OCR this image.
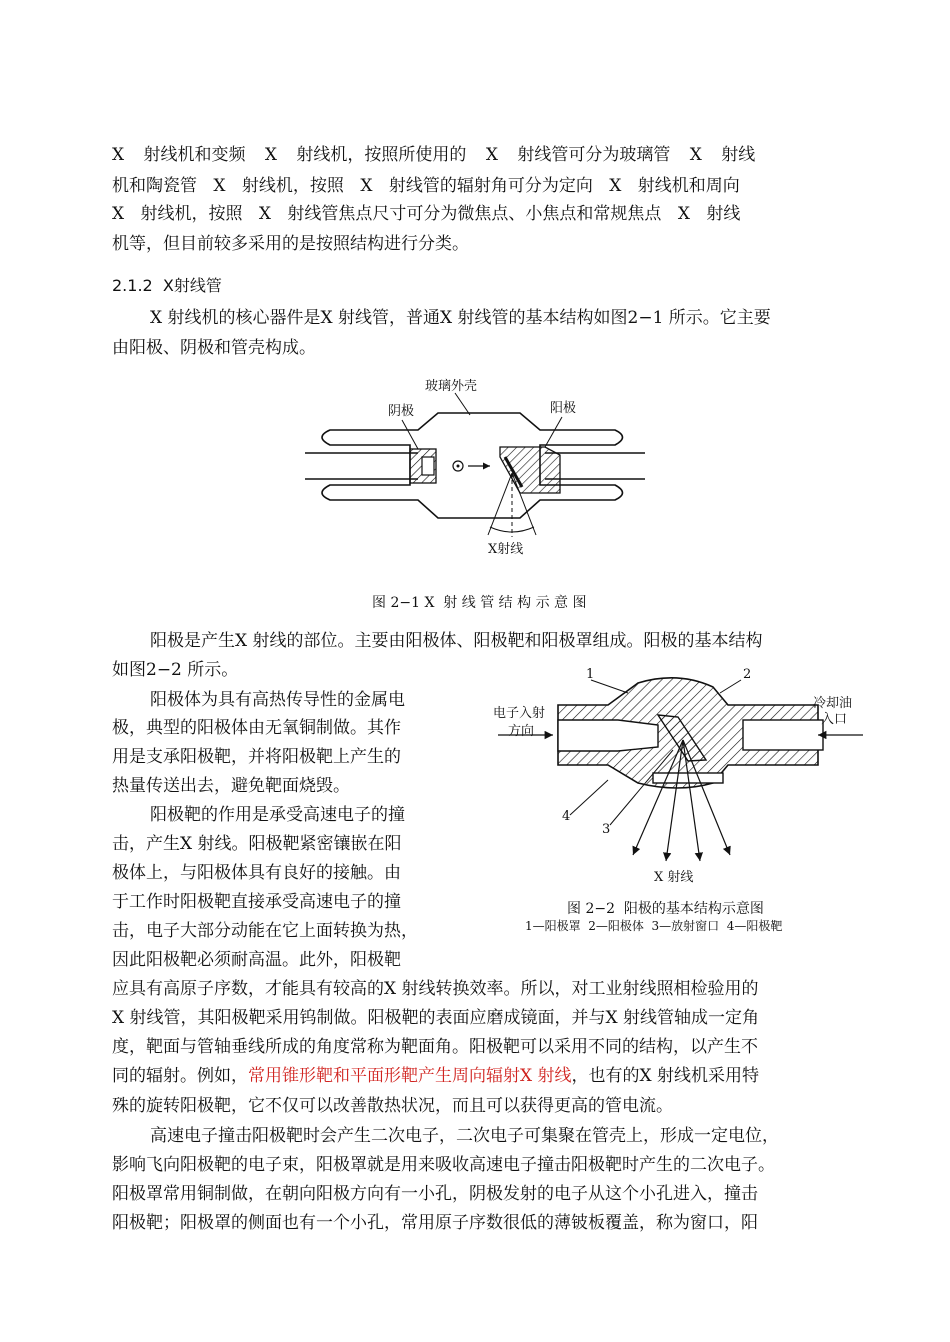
X 射线机和变频 X 射线机，按照所使用的 X 射线管可分为玻璃管 X 射线
机和陶瓷管 X 射线机，按照 X 射线管的辐射角可分为定向 X 射线机和周向
X 射线机，按照 X 射线管焦点尺寸可分为微焦点、小焦点和常规焦点 X 射线
机等，但目前较多采用的是按照结构进行分类。
2.1.2  X射线管
X 射线机的核心器件是X 射线管，普通X 射线管的基本结构如图2−1 所示。它主要
由阳极、阴极和管壳构成。
玻璃外壳
阴极	阳极
X射线
图 2−1 X  射 线 管 结 构 示 意 图
阳极是产生X 射线的部位。主要由阳极体、阳极靶和阳极罩组成。阳极的基本结构
如图2−2 所示。
阳极体为具有高热传导性的金属电
极，典型的阳极体由无氧铜制做。其作
用是支承阳极靶，并将阳极靶上产生的
热量传送出去，避免靶面烧毁。
阳极靶的作用是承受高速电子的撞
击，产生X 射线。阳极靶紧密镶嵌在阳
极体上，与阳极体具有良好的接触。由
于工作时阳极靶直接承受高速电子的撞
击，电子大部分动能在它上面转换为热，
因此阳极靶必须耐高温。此外，阳极靶
应具有高原子序数，才能具有较高的X 射线转换效率。所以，对工业射线照相检验用的
X 射线管，其阳极靶采用钨制做。阳极靶的表面应磨成镜面，并与X 射线管轴成一定角
度，靶面与管轴垂线所成的角度常称为靶面角。阳极靶可以采用不同的结构，以产生不
同的辐射。例如，常用锥形靶和平面形靶产生周向辐射X 射线，也有的X 射线机采用特
殊的旋转阳极靶，它不仅可以改善散热状况，而且可以获得更高的管电流。
1	2
3
4
电子入射
方向
冷却油
入口
X 射线
图 2−2  阳极的基本结构示意图
1—阳极罩  2—阳极体  3—放射窗口  4—阳极靶
高速电子撞击阳极靶时会产生二次电子，二次电子可集聚在管壳上，形成一定电位，
影响飞向阳极靶的电子束，阳极罩就是用来吸收高速电子撞击阳极靶时产生的二次电子。
阳极罩常用铜制做，在朝向阳极方向有一小孔，阴极发射的电子从这个小孔进入，撞击
阳极靶；阳极罩的侧面也有一个小孔，常用原子序数很低的薄铍板覆盖，称为窗口，阳
